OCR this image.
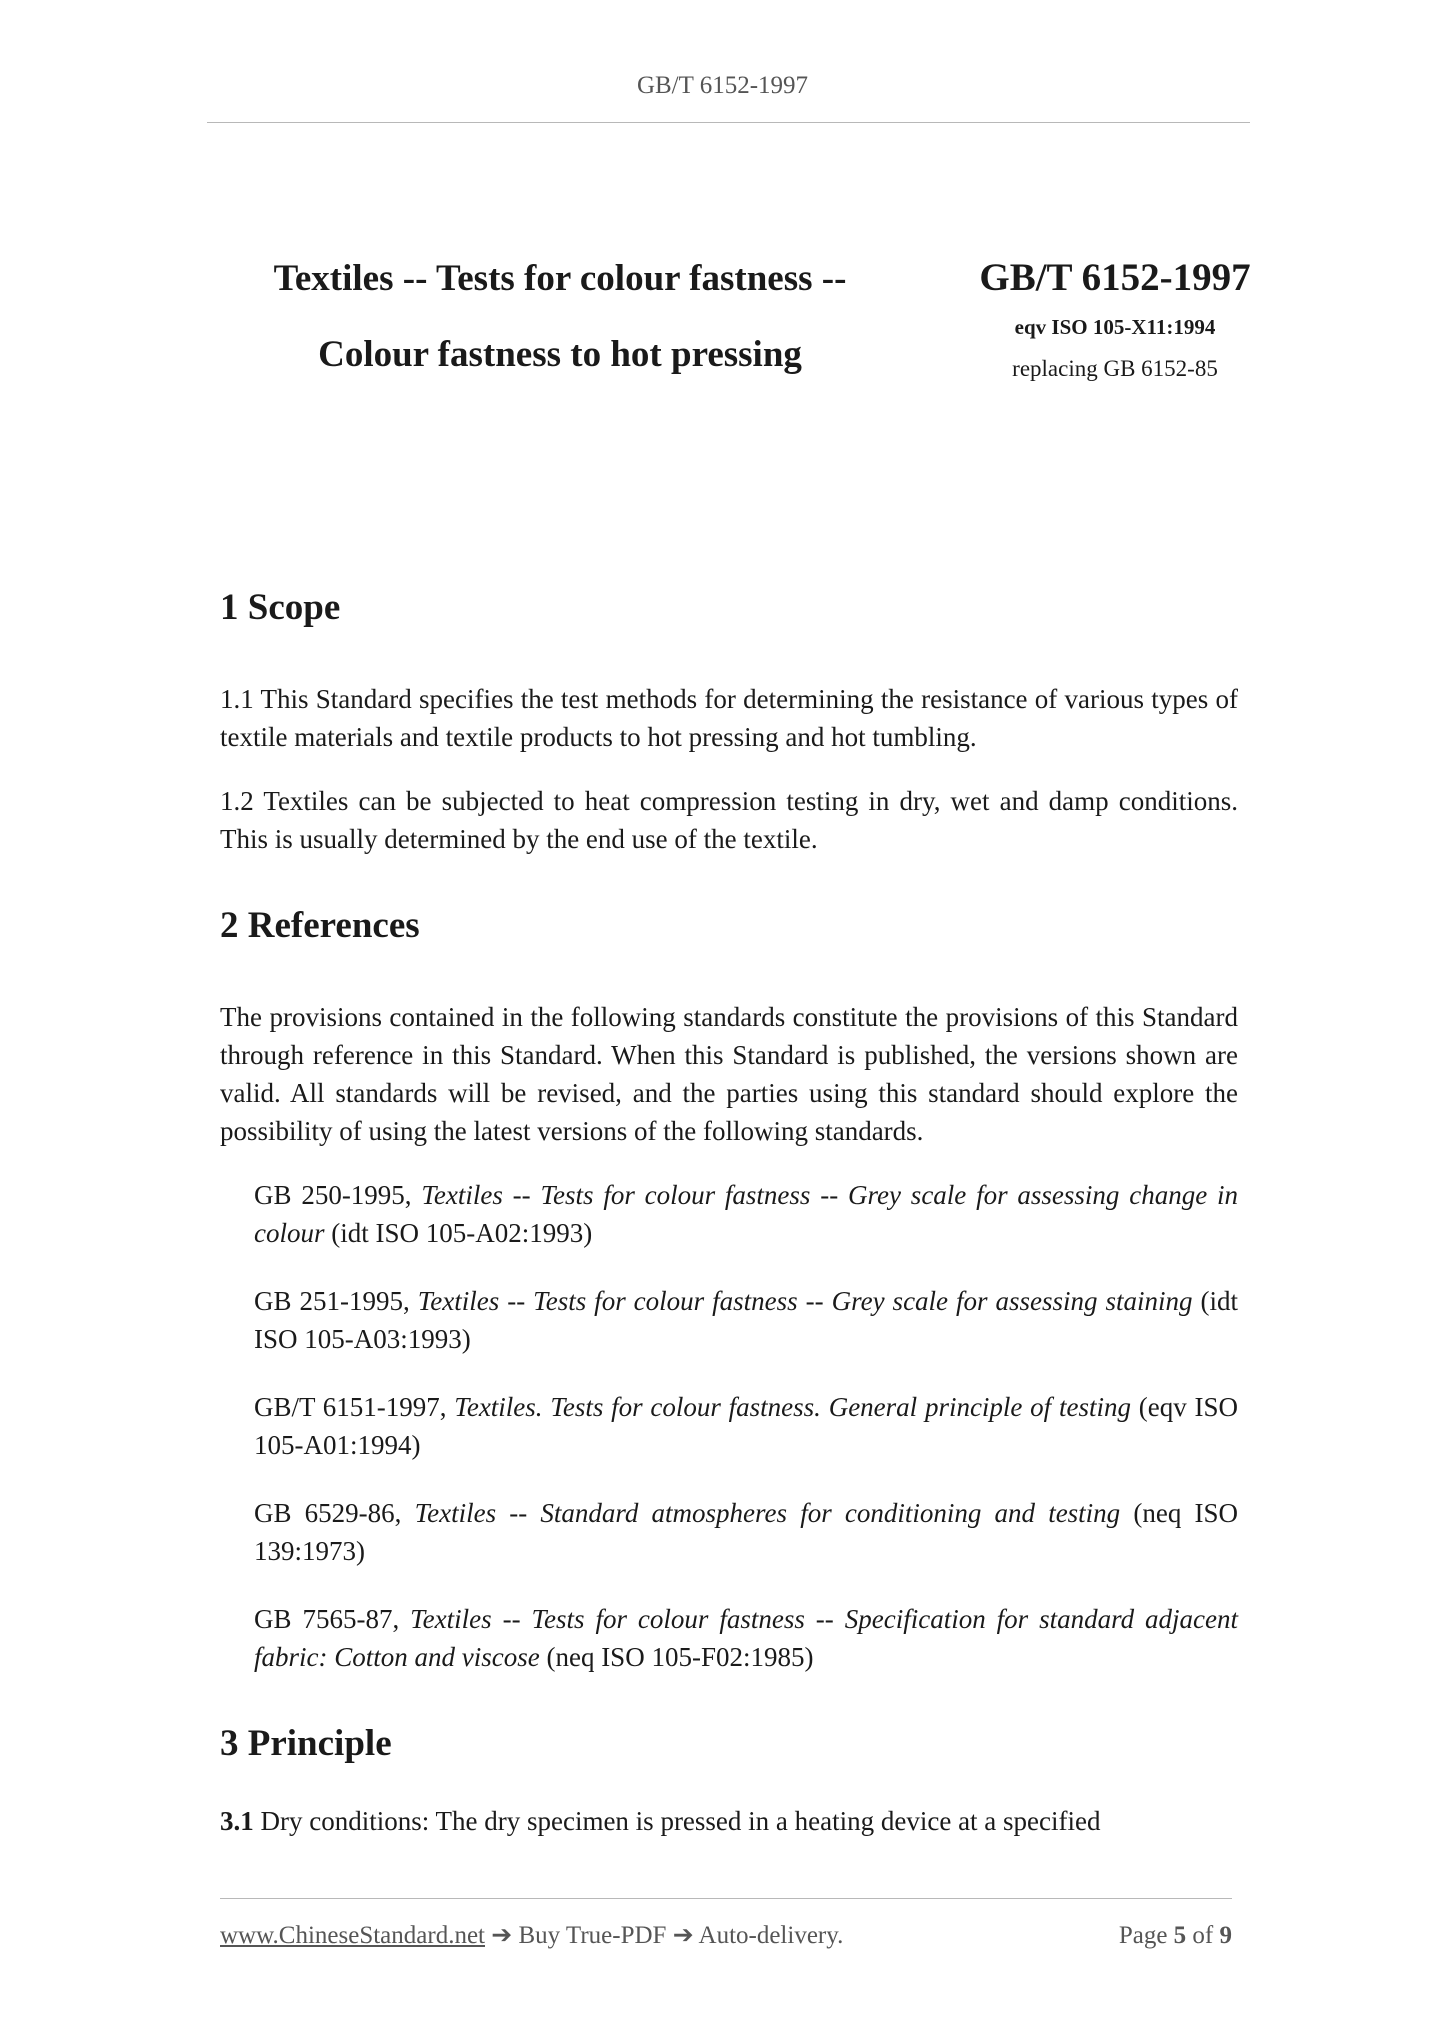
GB/T 6152-1997
Textiles -- Tests for colour fastness --
Colour fastness to hot pressing
GB/T 6152-1997
eqv ISO 105-X11:1994
replacing GB 6152-85
1 Scope

1.1 This Standard specifies the test methods for determining the resistance of various types of textile materials and textile products to hot pressing and hot tumbling.

1.2 Textiles can be subjected to heat compression testing in dry, wet and damp conditions. This is usually determined by the end use of the textile.

2 References

The provisions contained in the following standards constitute the provisions of this Standard through reference in this Standard. When this Standard is published, the versions shown are valid. All standards will be revised, and the parties using this standard should explore the possibility of using the latest versions of the following standards.

GB 250-1995, Textiles -- Tests for colour fastness -- Grey scale for assessing change in colour (idt ISO 105-A02:1993)
GB 251-1995, Textiles -- Tests for colour fastness -- Grey scale for assessing staining (idt ISO 105-A03:1993)
GB/T 6151-1997, Textiles. Tests for colour fastness. General principle of testing (eqv ISO 105-A01:1994)
GB 6529-86, Textiles -- Standard atmospheres for conditioning and testing (neq ISO 139:1973)
GB 7565-87, Textiles -- Tests for colour fastness -- Specification for standard adjacent fabric: Cotton and viscose (neq ISO 105-F02:1985)
3 Principle

3.1 Dry conditions: The dry specimen is pressed in a heating device at a specified

www.ChineseStandard.net ➔ Buy True-PDF ➔ Auto-delivery.	Page 5 of 9
